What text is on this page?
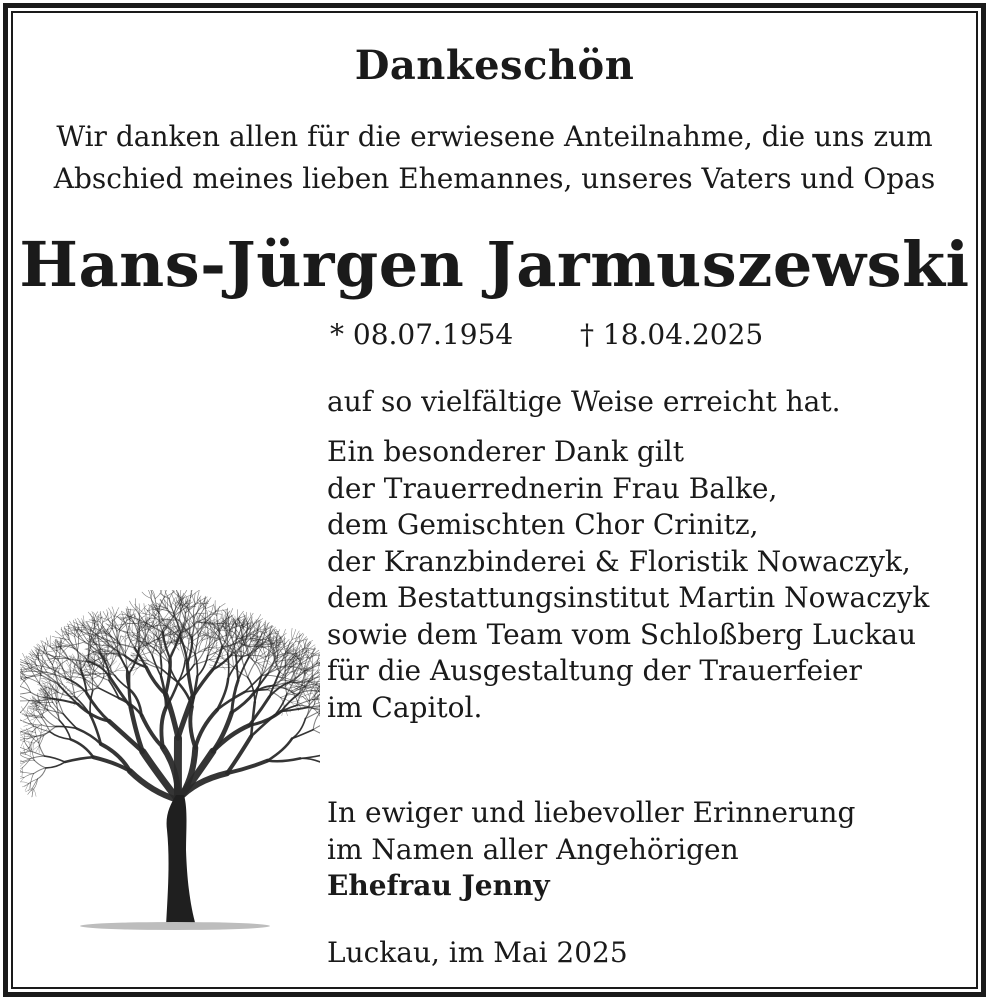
Dankeschön
Wir danken allen für die erwiesene Anteilnahme, die uns zum
Abschied meines lieben Ehemannes, unseres Vaters und Opas
Hans-Jürgen Jarmuszewski
* 08.07.1954 † 18.04.2025
auf so vielfältige Weise erreicht hat.
Ein besonderer Dank gilt
der Trauerrednerin Frau Balke,
dem Gemischten Chor Crinitz,
der Kranzbinderei & Floristik Nowaczyk,
dem Bestattungsinstitut Martin Nowaczyk
sowie dem Team vom Schloßberg Luckau
für die Ausgestaltung der Trauerfeier
im Capitol.
In ewiger und liebevoller Erinnerung
im Namen aller Angehörigen
Ehefrau Jenny
Luckau, im Mai 2025
